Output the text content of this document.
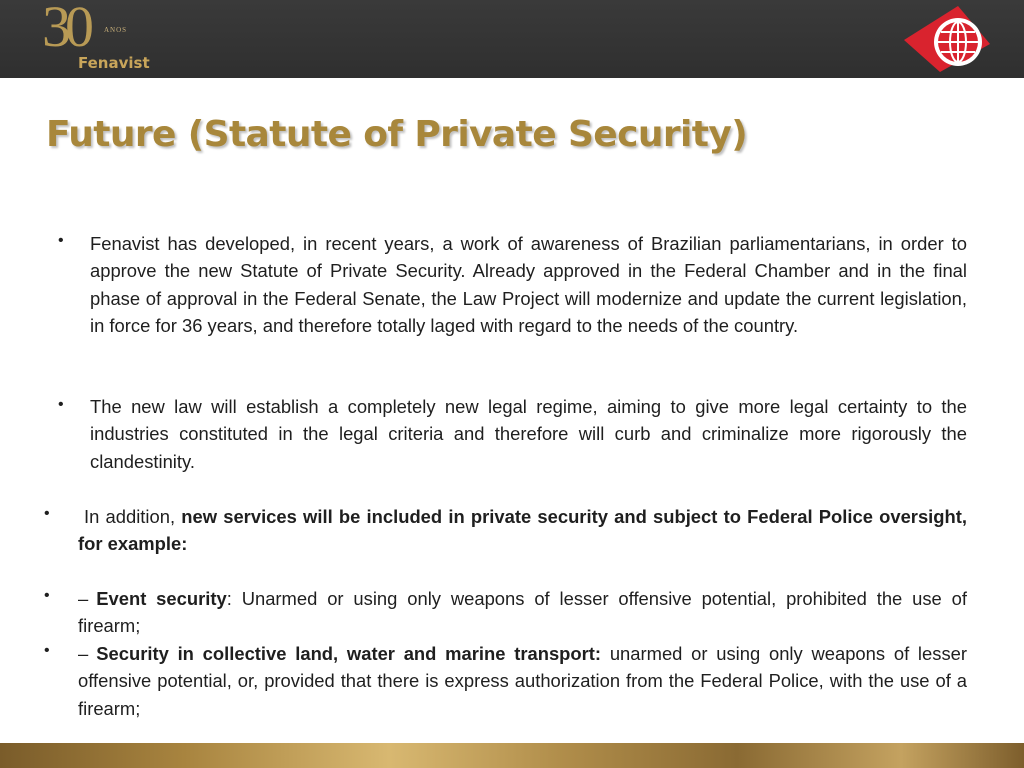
30 ANOS
Fenavist
Future (Statute of Private Security)
• Fenavist has developed, in recent years, a work of awareness of Brazilian parliamentarians, in order to approve the new Statute of Private Security. Already approved in the Federal Chamber and in the final phase of approval in the Federal Senate, the Law Project will modernize and update the current legislation, in force for 36 years, and therefore totally laged with regard to the needs of the country.
• The new law will establish a completely new legal regime, aiming to give more legal certainty to the industries constituted in the legal criteria and therefore will curb and criminalize more rigorously the clandestinity.
•	In addition, new services will be included in private security and subject to Federal Police oversight, for example:
• – Event security: Unarmed or using only weapons of lesser offensive potential, prohibited the use of firearm;
• – Security in collective land, water and marine transport: unarmed or using only weapons of lesser offensive potential, or, provided that there is express authorization from the Federal Police, with the use of a firearm;
